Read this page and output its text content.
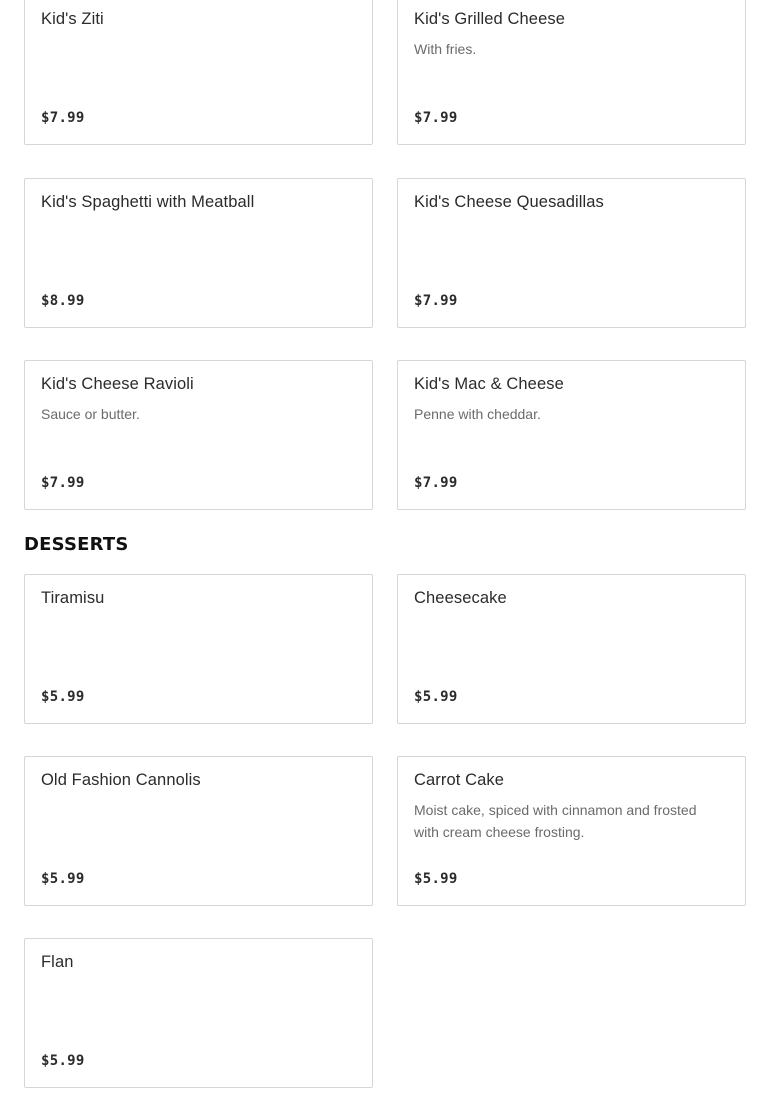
Kid's Ziti
$7.99
Kid's Grilled Cheese
With fries.
$7.99
Kid's Spaghetti with Meatball
$8.99
Kid's Cheese Quesadillas
$7.99
Kid's Cheese Ravioli
Sauce or butter.
$7.99
Kid's Mac & Cheese
Penne with cheddar.
$7.99
DESSERTS
Tiramisu
$5.99
Cheesecake
$5.99
Old Fashion Cannolis
$5.99
Carrot Cake
Moist cake, spiced with cinnamon and frosted with cream cheese frosting.
$5.99
Flan
$5.99
